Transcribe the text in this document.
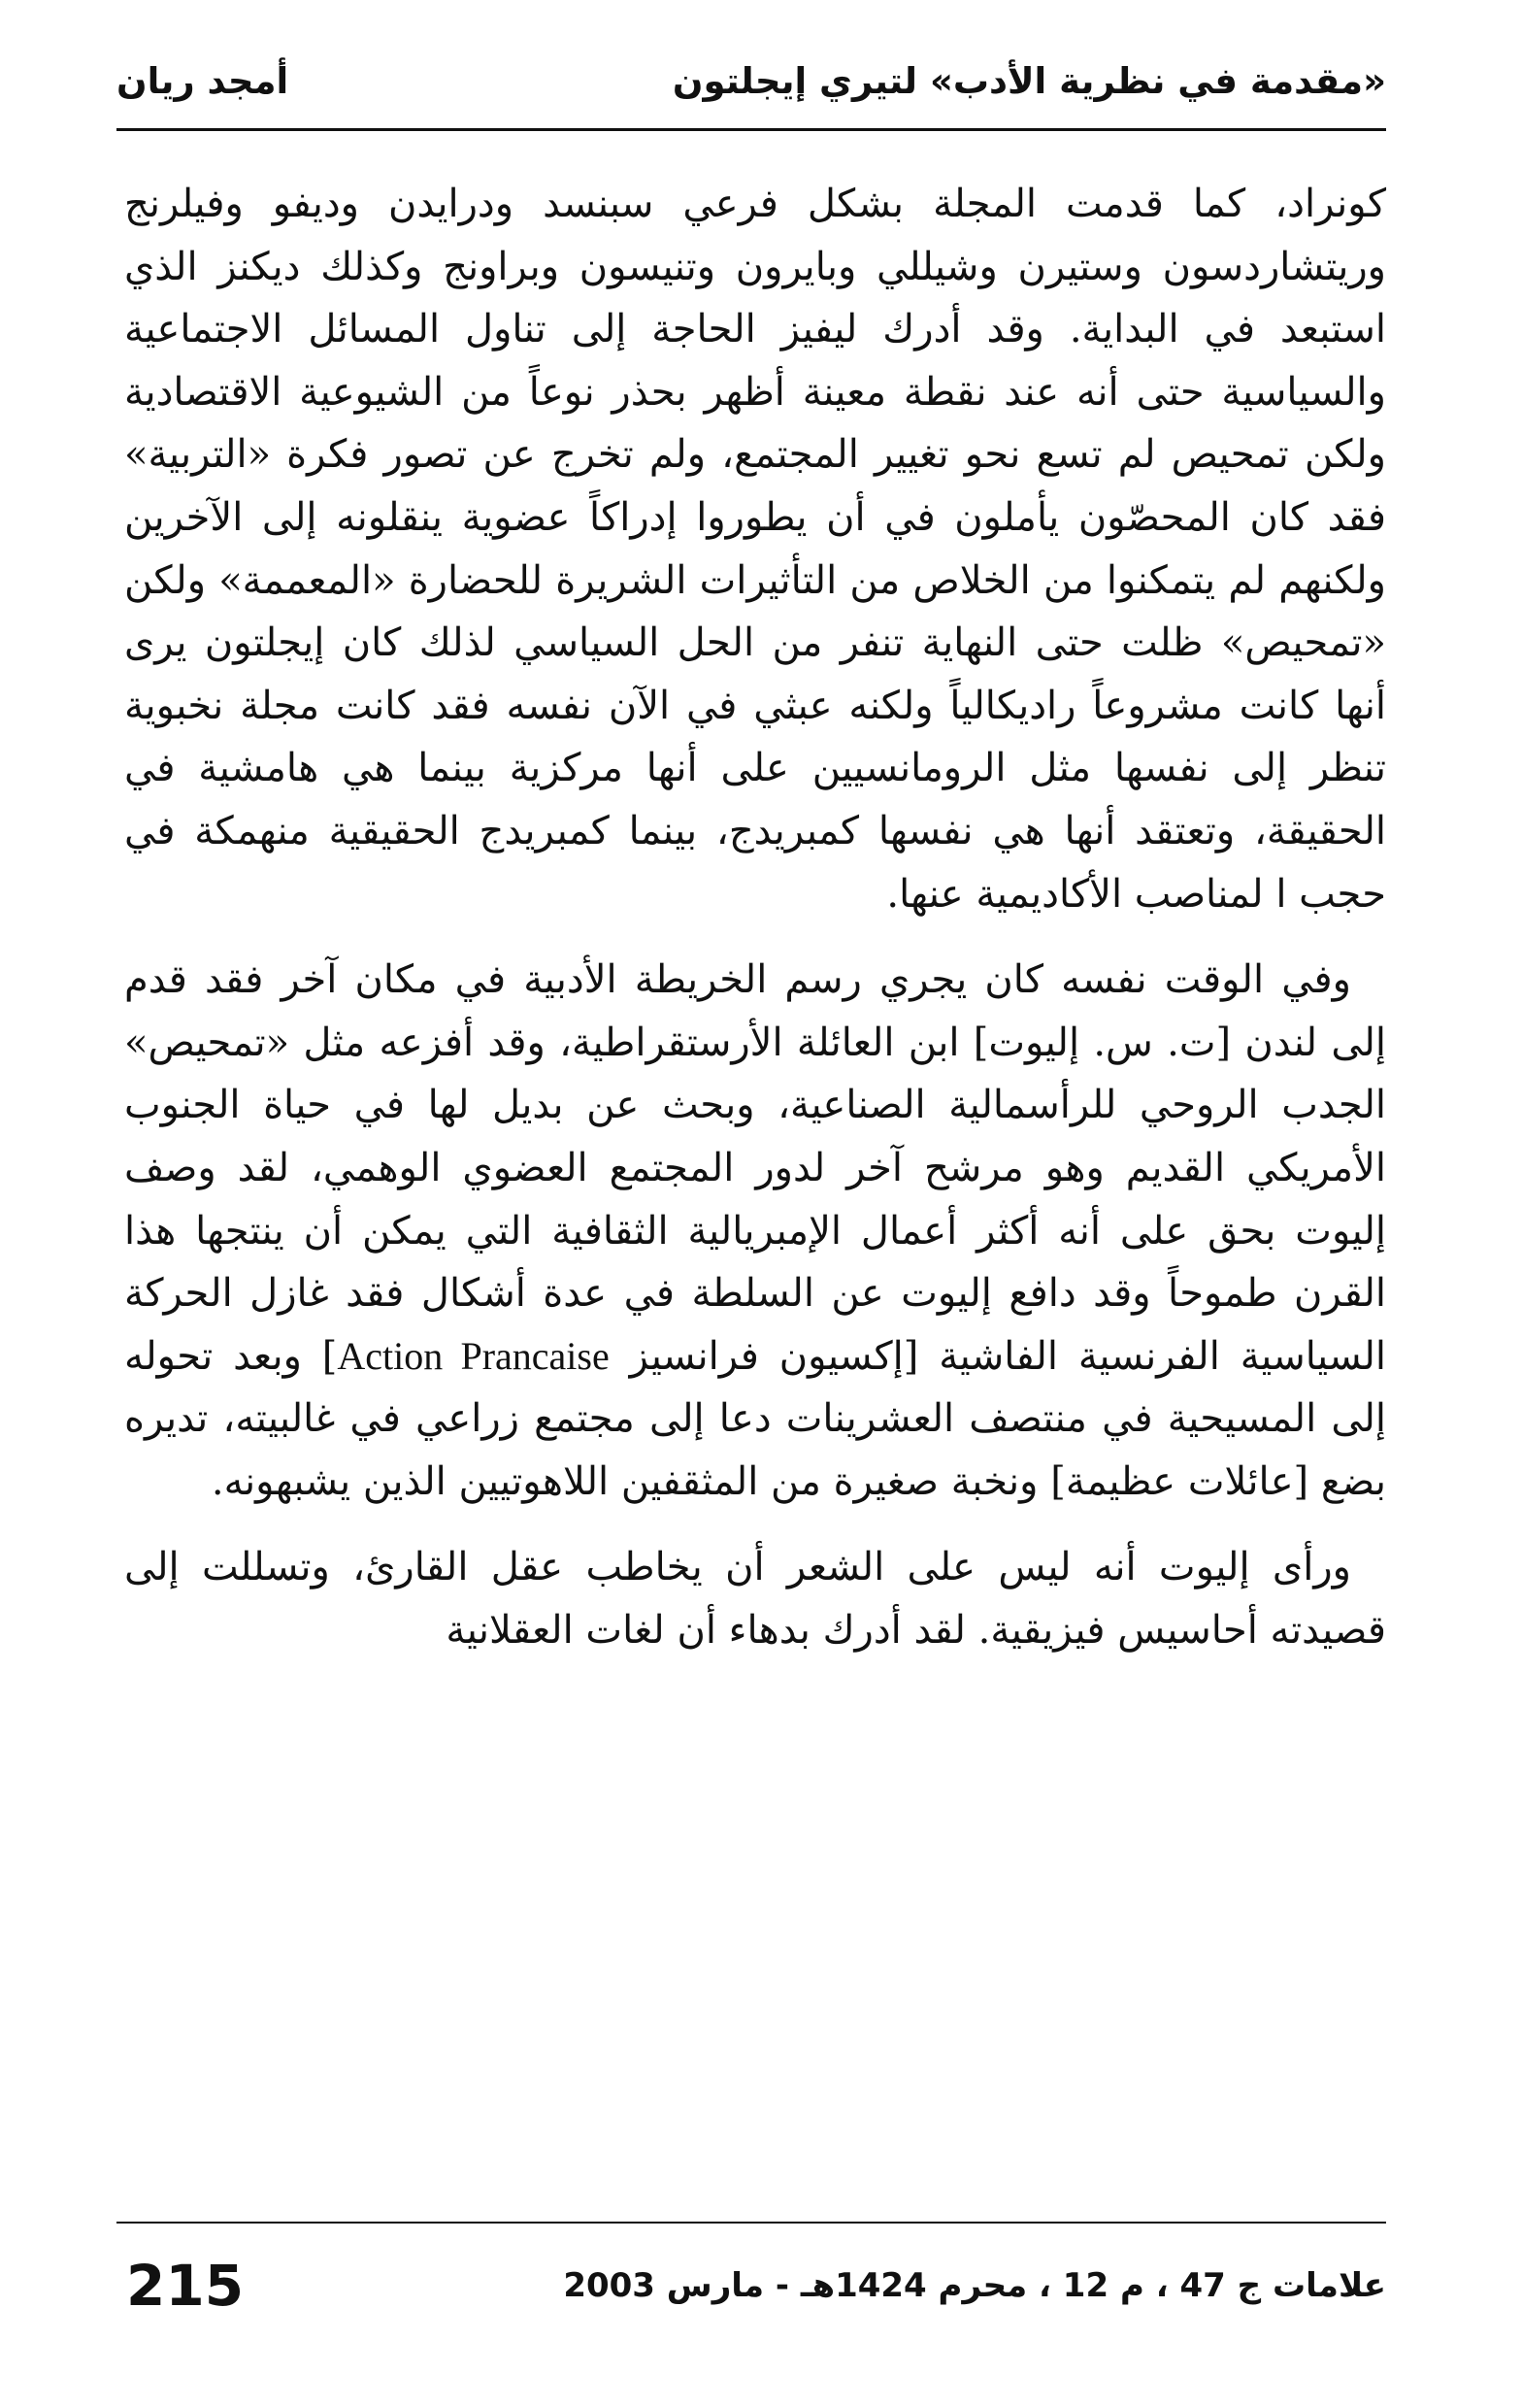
«مقدمة في نظرية الأدب» لتيري إيجلتون
أمجد ريان

كونراد، كما قدمت المجلة بشكل فرعي سبنسد ودرايدن وديفو وفيلرنج وريتشاردسون وستيرن وشيللي وبايرون وتنيسون وبراونج وكذلك ديكنز الذي استبعد في البداية. وقد أدرك ليفيز الحاجة إلى تناول المسائل الاجتماعية والسياسية حتى أنه عند نقطة معينة أظهر بحذر نوعاً من الشيوعية الاقتصادية ولكن تمحيص لم تسع نحو تغيير المجتمع، ولم تخرج عن تصور فكرة «التربية» فقد كان المحصّون يأملون في أن يطوروا إدراكاً عضوية ينقلونه إلى الآخرين ولكنهم لم يتمكنوا من الخلاص من التأثيرات الشريرة للحضارة «المعممة» ولكن «تمحيص» ظلت حتى النهاية تنفر من الحل السياسي لذلك كان إيجلتون يرى أنها كانت مشروعاً راديكالياً ولكنه عبثي في الآن نفسه فقد كانت مجلة نخبوية تنظر إلى نفسها مثل الرومانسيين على أنها مركزية بينما هي هامشية في الحقيقة، وتعتقد أنها هي نفسها كمبريدج، بينما كمبريدج الحقيقية منهمكة في حجب ا لمناصب الأكاديمية عنها.

وفي الوقت نفسه كان يجري رسم الخريطة الأدبية في مكان آخر فقد قدم إلى لندن [ت. س. إليوت] ابن العائلة الأرستقراطية، وقد أفزعه مثل «تمحيص» الجدب الروحي للرأسمالية الصناعية، وبحث عن بديل لها في حياة الجنوب الأمريكي القديم وهو مرشح آخر لدور المجتمع العضوي الوهمي، لقد وصف إليوت بحق على أنه أكثر أعمال الإمبريالية الثقافية التي يمكن أن ينتجها هذا القرن طموحاً وقد دافع إليوت عن السلطة في عدة أشكال فقد غازل الحركة السياسية الفرنسية الفاشية [إكسيون فرانسيز Action Prancaise] وبعد تحوله إلى المسيحية في منتصف العشرينات دعا إلى مجتمع زراعي في غالبيته، تديره بضع [عائلات عظيمة] ونخبة صغيرة من المثقفين اللاهوتيين الذين يشبهونه.

ورأى إليوت أنه ليس على الشعر أن يخاطب عقل القارئ، وتسللت إلى قصيدته أحاسيس فيزيقية. لقد أدرك بدهاء أن لغات العقلانية

علامات ج 47 ، م 12 ، محرم 1424هـ - مارس 2003
215
